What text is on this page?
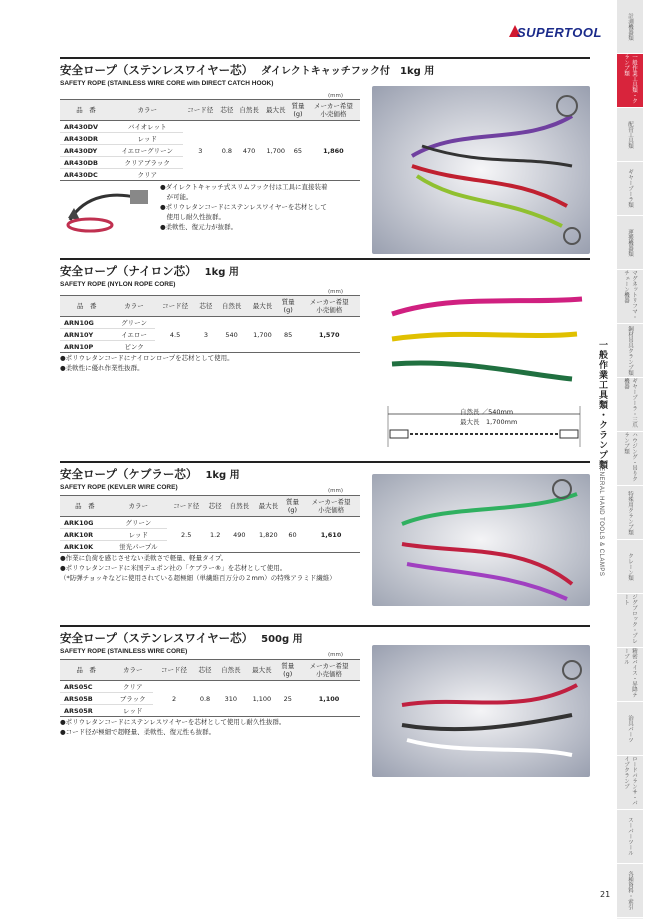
SUPERTOOL	計測機器類
一般作業工具類・クランプ類
配管工具類
ギヤープーラ類
運搬機器類
マグネットリフマ・チェーン機器
鋼材吊具クランプ類
ギヤープーラ・三爪機器
ハウジング・吊りクランプ類
特殊用クランプ類
クレーン類
ジグブロック・プレート
精密バイス・昇降テーブル
治具パーツ
ロードバランサ・パイプクランプ
スーパーツール
各種資料・索引
一般作業工具類・クランプ類
GENERAL HAND TOOLS & CLAMPS
21
安全ロープ（ステンレスワイヤー芯） ダイレクトキャッチフック付　1kg 用
SAFETY ROPE (STAINLESS WIRE CORE with DIRECT CATCH HOOK)
(mm)
品　番	カラー	コード径	芯径	自然長	最大長	質量
(g)	メーカー希望
小売価格
AR430DV	バイオレット	3	0.8	470	1,700	65	1,860
AR430DR	レッド						
AR430DY	イエローグリーン						
AR430DB	クリアブラック						
AR430DC	クリア						
●ダイレクトキャッチ式スリムフック付は工具に直接装着
　が可能。
●ポリウレタンコードにステンレスワイヤーを芯材として
　使用し耐久性抜群。
●柔軟性、復元力が抜群。
安全ロープ（ナイロン芯） 1kg 用
SAFETY ROPE (NYLON ROPE CORE)
(mm)
品　番	カラー	コード径	芯径	自然長	最大長	質量
(g)	メーカー希望
小売価格
ARN10G	グリーン	4.5	3	540	1,700	85	1,570
ARN10Y	イエロー						
ARN10P	ピンク						
●ポリウレタンコードにナイロンロープを芯材として使用。
●柔軟性に優れ作業性抜群。
自然長 ／540mm
最大長　1,700mm
安全ロープ（ケブラー芯） 1kg 用
SAFETY ROPE (KEVLER WIRE CORE)	(mm)
品　番	カラー	コード径	芯径	自然長	最大長	質量
(g)	メーカー希望
小売価格
ARK10G	グリーン	2.5	1.2	490	1,820	60	1,610
ARK10R	レッド						
ARK10K	蛍光パープル						
●作業に負荷を感じさせない柔軟さで軽量、軽量タイプ。
●ポリウレタンコードに米国デュポン社の「ケブラー®」を芯材として使用。
（*防弾チョッキなどに使用されている超極細（単繊維百万分の２mm）の特殊アラミド繊維）
安全ロープ（ステンレスワイヤー芯） 500g 用
SAFETY ROPE (STAINLESS WIRE CORE)	(mm)
品　番	カラー	コード径	芯径	自然長	最大長	質量
(g)	メーカー希望
小売価格
ARS05C	クリア	2	0.8	310	1,100	25	1,100
ARS05B	ブラック						
ARS05R	レッド						
●ポリウレタンコードにステンレスワイヤーを芯材として使用し耐久性抜群。
●コード径が極細で超軽量、柔軟性、復元性も抜群。
